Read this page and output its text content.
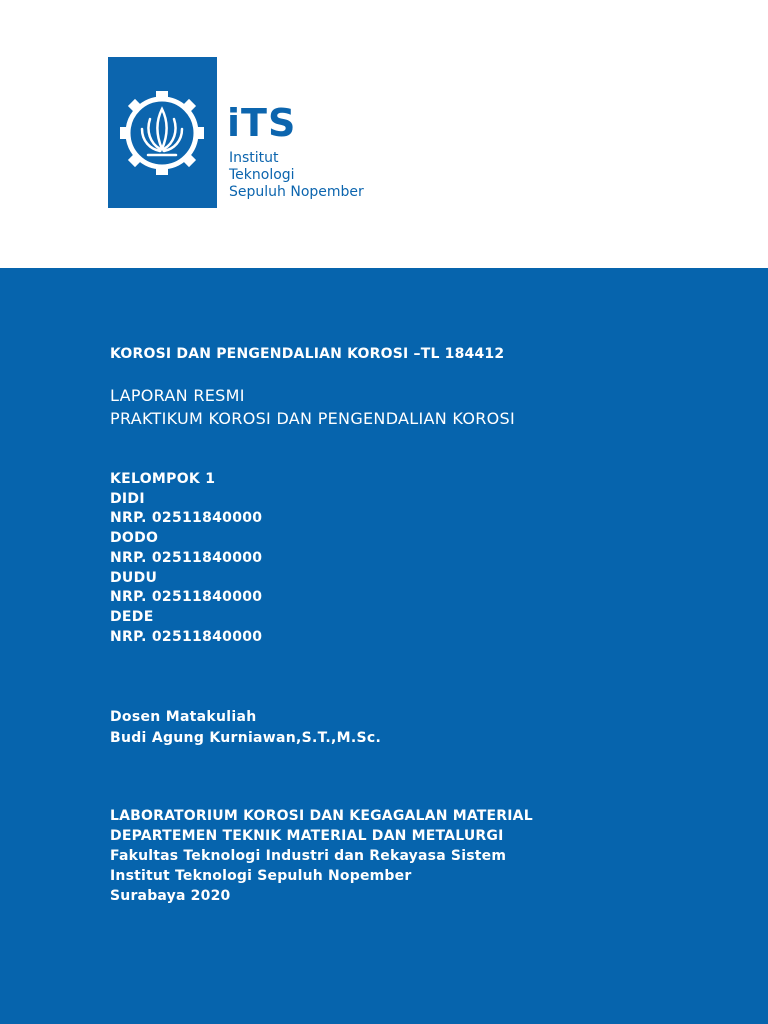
iTS
Institut
Teknologi
Sepuluh Nopember
KOROSI DAN PENGENDALIAN KOROSI –TL 184412
LAPORAN RESMI
PRAKTIKUM KOROSI DAN PENGENDALIAN KOROSI
KELOMPOK 1
DIDI
NRP. 02511840000
DODO
NRP. 02511840000
DUDU
NRP. 02511840000
DEDE
NRP. 02511840000
Dosen Matakuliah
Budi Agung Kurniawan,S.T.,M.Sc.
LABORATORIUM KOROSI DAN KEGAGALAN MATERIAL
DEPARTEMEN TEKNIK MATERIAL DAN METALURGI
Fakultas Teknologi Industri dan Rekayasa Sistem
Institut Teknologi Sepuluh Nopember
Surabaya 2020
